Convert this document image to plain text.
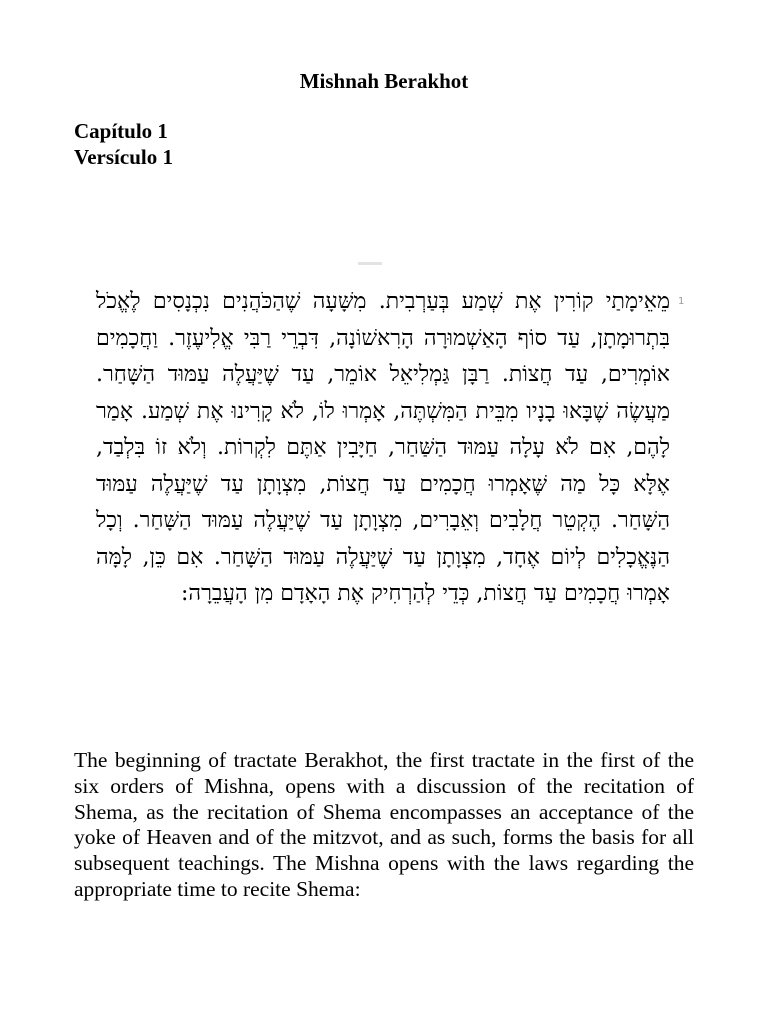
Mishnah Berakhot
Capítulo 1
Versículo 1
1
מֵאֵימָתַי קוֹרִין אֶת שְׁמַע בְּעַרְבִית. מִשָּׁעָה שֶׁהַכֹּהֲנִים נִכְנָסִים לֶאֱכֹל בִּתְרוּמָתָן, עַד סוֹף הָאַשְׁמוּרָה הָרִאשׁוֹנָה, דִּבְרֵי רַבִּי אֱלִיעֶזֶר. וַחֲכָמִים אוֹמְרִים, עַד חֲצוֹת. רַבָּן גַּמְלִיאֵל אוֹמֵר, עַד שֶׁיַּעֲלֶה עַמּוּד הַשָּׁחַר. מַעֲשֶׂה שֶׁבָּאוּ בָנָיו מִבֵּית הַמִּשְׁתֶּה, אָמְרוּ לוֹ, לֹא קָרִינוּ אֶת שְׁמַע. אָמַר לָהֶם, אִם לֹא עָלָה עַמּוּד הַשַּׁחַר, חַיָּבִין אַתֶּם לִקְרוֹת. וְלֹא זוֹ בִּלְבַד, אֶלָּא כָּל מַה שֶּׁאָמְרוּ חֲכָמִים עַד חֲצוֹת, מִצְוָתָן עַד שֶׁיַּעֲלֶה עַמּוּד הַשָּׁחַר. הֶקְטֵר חֲלָבִים וְאֵבָרִים, מִצְוָתָן עַד שֶׁיַּעֲלֶה עַמּוּד הַשָּׁחַר. וְכָל הַנֶּאֱכָלִים לְיוֹם אֶחָד, מִצְוָתָן עַד שֶׁיַּעֲלֶה עַמּוּד הַשָּׁחַר. אִם כֵּן, לָמָּה אָמְרוּ חֲכָמִים עַד חֲצוֹת, כְּדֵי לְהַרְחִיק אֶת הָאָדָם מִן הָעֲבֵרָה:
The beginning of tractate Berakhot, the first tractate in the first of the six orders of Mishna, opens with a discussion of the recitation of Shema, as the recitation of Shema encompasses an acceptance of the yoke of Heaven and of the mitzvot, and as such, forms the basis for all subsequent teachings. The Mishna opens with the laws regarding the appropriate time to recite Shema:
